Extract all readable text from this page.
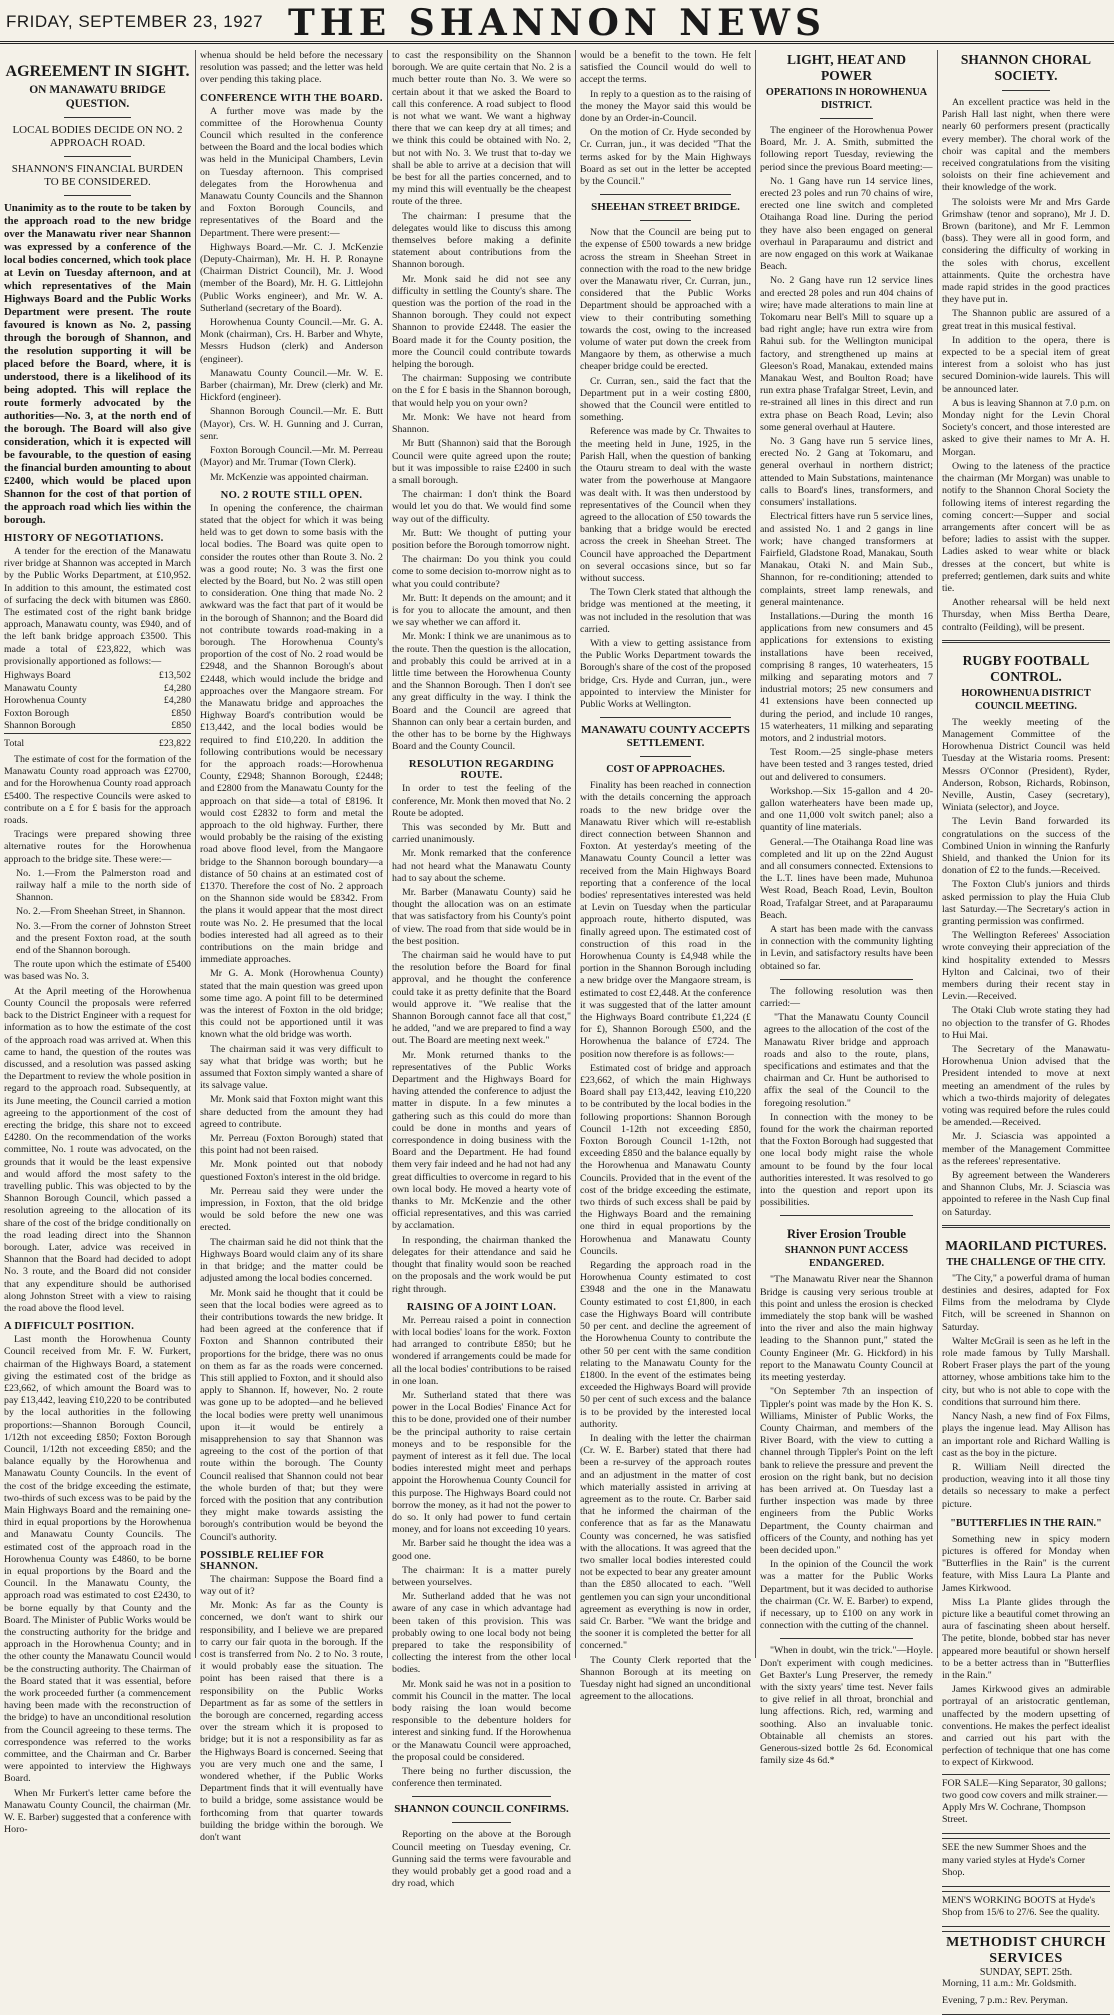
FRIDAY, SEPTEMBER 23, 1927 THE SHANNON NEWS
AGREEMENT IN SIGHT.
ON MANAWATU BRIDGE QUESTION.
LOCAL BODIES DECIDE ON NO. 2 APPROACH ROAD.
SHANNON'S FINANCIAL BURDEN TO BE CONSIDERED.

Unanimity as to the route to be taken by the approach road to the new bridge over the Manawatu river near Shannon was expressed by a conference of the local bodies concerned, which took place at Levin on Tuesday afternoon, and at which representatives of the Main Highways Board and the Public Works Department were present. The route favoured is known as No. 2, passing through the borough of Shannon, and the resolution supporting it will be placed before the Board, where, it is understood, there is a likelihood of its being adopted. This will replace the route formerly advocated by the authorities—No. 3, at the north end of the borough. The Board will also give consideration, which it is expected will be favourable, to the question of easing the financial burden amounting to about £2400, which would be placed upon Shannon for the cost of that portion of the approach road which lies within the borough.

HISTORY OF NEGOTIATIONS.

A tender for the erection of the Manawatu river bridge at Shannon was accepted in March by the Public Works Department, at £10,952. In addition to this amount, the estimated cost of surfacing the deck with bitumen was £860. The estimated cost of the right bank bridge approach, Manawatu county, was £940, and of the left bank bridge approach £3500. This made a total of £23,822, which was provisionally apportioned as follows:—

Highways Board	£13,502
Manawatu County	£4,280
Horowhenua County	£4,280
Foxton Borough	£850
Shannon Borough	£850
Total	£23,822

The estimate of cost for the formation of the Manawatu County road approach was £2700, and for the Horowhenua County road approach £5400. The respective Councils were asked to contribute on a £ for £ basis for the approach roads.

Tracings were prepared showing three alternative routes for the Horowhenua approach to the bridge site. These were:—

No. 1.—From the Palmerston road and railway half a mile to the north side of Shannon.

No. 2.—From Sheehan Street, in Shannon.

No. 3.—From the corner of Johnston Street and the present Foxton road, at the south end of the Shannon borough.

The route upon which the estimate of £5400 was based was No. 3.

At the April meeting of the Horowhenua County Council the proposals were referred back to the District Engineer with a request for information as to how the estimate of the cost of the approach road was arrived at. When this came to hand, the question of the routes was discussed, and a resolution was passed asking the Department to review the whole position in regard to the approach road. Subsequently, at its June meeting, the Council carried a motion agreeing to the apportionment of the cost of erecting the bridge, this share not to exceed £4280. On the recommendation of the works committee, No. 1 route was advocated, on the grounds that it would be the least expensive and would afford the most safety to the travelling public. This was objected to by the Shannon Borough Council, which passed a resolution agreeing to the allocation of its share of the cost of the bridge conditionally on the road leading direct into the Shannon borough. Later, advice was received in Shannon that the Board had decided to adopt No. 3 route, and the Board did not consider that any expenditure should be authorised along Johnston Street with a view to raising the road above the flood level.

A DIFFICULT POSITION.

Last month the Horowhenua County Council received from Mr. F. W. Furkert, chairman of the Highways Board, a statement giving the estimated cost of the bridge as £23,662, of which amount the Board was to pay £13,442, leaving £10,220 to be contributed by the local authorities in the following proportions:—Shannon Borough Council, 1/12th not exceeding £850; Foxton Borough Council, 1/12th not exceeding £850; and the balance equally by the Horowhenua and Manawatu County Councils. In the event of the cost of the bridge exceeding the estimate, two-thirds of such excess was to be paid by the Main Highways Board and the remaining one-third in equal proportions by the Horowhenua and Manawatu County Councils. The estimated cost of the approach road in the Horowhenua County was £4860, to be borne in equal proportions by the Board and the Council. In the Manawatu County, the approach road was estimated to cost £2430, to be borne equally by that County and the Board. The Minister of Public Works would be the constructing authority for the bridge and approach in the Horowhenua County; and in the other county the Manawatu Council would be the constructing authority. The Chairman of the Board stated that it was essential, before the work proceeded further (a commencement having been made with the reconstruction of the bridge) to have an unconditional resolution from the Council agreeing to these terms. The correspondence was referred to the works committee, and the Chairman and Cr. Barber were appointed to interview the Highways Board.

When Mr Furkert's letter came before the Manawatu County Council, the chairman (Mr. W. E. Barber) suggested that a conference with Horo-

whenua should be held before the necessary resolution was passed; and the letter was held over pending this taking place.

CONFERENCE WITH THE BOARD.

A further move was made by the committee of the Horowhenua County Council which resulted in the conference between the Board and the local bodies which was held in the Municipal Chambers, Levin on Tuesday afternoon. This comprised delegates from the Horowhenua and Manawatu County Councils and the Shannon and Foxton Borough Councils, and representatives of the Board and the Department. There were present:—

Highways Board.—Mr. C. J. McKenzie (Deputy-Chairman), Mr. H. H. P. Ronayne (Chairman District Council), Mr. J. Wood (member of the Board), Mr. H. G. Littlejohn (Public Works engineer), and Mr. W. A. Sutherland (secretary of the Board).

Horowhenua County Council.—Mr. G. A. Monk (chairman), Crs. H. Barber and Whyte, Messrs Hudson (clerk) and Anderson (engineer).

Manawatu County Council.—Mr. W. E. Barber (chairman), Mr. Drew (clerk) and Mr. Hickford (engineer).

Shannon Borough Council.—Mr. E. Butt (Mayor), Crs. W. H. Gunning and J. Curran, senr.

Foxton Borough Council.—Mr. M. Perreau (Mayor) and Mr. Trumar (Town Clerk).

Mr. McKenzie was appointed chairman.

NO. 2 ROUTE STILL OPEN.

In opening the conference, the chairman stated that the object for which it was being held was to get down to some basis with the local bodies. The Board was quite open to consider the routes other than Route 3. No. 2 was a good route; No. 3 was the first one elected by the Board, but No. 2 was still open to consideration. One thing that made No. 2 awkward was the fact that part of it would be in the borough of Shannon; and the Board did not contribute towards road-making in a borough. The Horowhenua County's proportion of the cost of No. 2 road would be £2948, and the Shannon Borough's about £2448, which would include the bridge and approaches over the Mangaore stream. For the Manawatu bridge and approaches the Highway Board's contribution would be £13,442, and the local bodies would be required to find £10,220. In addition the following contributions would be necessary for the approach roads:—Horowhenua County, £2948; Shannon Borough, £2448; and £2800 from the Manawatu County for the approach on that side—a total of £8196. It would cost £2832 to form and metal the approach to the old highway. Further, there would probably be the raising of the existing road above flood level, from the Mangaore bridge to the Shannon borough boundary—a distance of 50 chains at an estimated cost of £1370. Therefore the cost of No. 2 approach on the Shannon side would be £8342. From the plans it would appear that the most direct route was No. 2. He presumed that the local bodies interested had all agreed as to their contributions on the main bridge and immediate approaches.

Mr G. A. Monk (Horowhenua County) stated that the main question was greed upon some time ago. A point fill to be determined was the interest of Foxton in the old bridge; this could not be apportioned until it was known what the old bridge was worth.

The chairman said it was very difficult to say what that bridge was worth; but he assumed that Foxton simply wanted a share of its salvage value.

Mr. Monk said that Foxton might want this share deducted from the amount they had agreed to contribute.

Mr. Perreau (Foxton Borough) stated that this point had not been raised.

Mr. Monk pointed out that nobody questioned Foxton's interest in the old bridge.

Mr. Perreau said they were under the impression, in Foxton, that the old bridge would be sold before the new one was erected.

The chairman said he did not think that the Highways Board would claim any of its share in that bridge; and the matter could be adjusted among the local bodies concerned.

Mr. Monk said he thought that it could be seen that the local bodies were agreed as to their contributions towards the new bridge. It had been agreed at the conference that if Foxton and Shannon contributed their proportions for the bridge, there was no onus on them as far as the roads were concerned. This still applied to Foxton, and it should also apply to Shannon. If, however, No. 2 route was gone up to be adopted—and he believed the local bodies were pretty well unanimous upon it—it would be entirely a misapprehension to say that Shannon was agreeing to the cost of the portion of that route within the borough. The County Council realised that Shannon could not bear the whole burden of that; but they were forced with the position that any contribution they might make towards assisting the borough's contribution would be beyond the Council's authority.

POSSIBLE RELIEF FOR SHANNON.

The chairman: Suppose the Board find a way out of it?

Mr. Monk: As far as the County is concerned, we don't want to shirk our responsibility, and I believe we are prepared to carry our fair quota in the borough. If the cost is transferred from No. 2 to No. 3 route, it would probably ease the situation. The point has been raised that there is a responsibility on the Public Works Department as far as some of the settlers in the borough are concerned, regarding access over the stream which it is proposed to bridge; but it is not a responsibility as far as the Highways Board is concerned. Seeing that you are very much one and the same, I wondered whether, if the Public Works Department finds that it will eventually have to build a bridge, some assistance would be forthcoming from that quarter towards building the bridge within the borough. We don't want

to cast the responsibility on the Shannon borough. We are quite certain that No. 2 is a much better route than No. 3. We were so certain about it that we asked the Board to call this conference. A road subject to flood is not what we want. We want a highway there that we can keep dry at all times; and we think this could be obtained with No. 2, but not with No. 3. We trust that to-day we shall be able to arrive at a decision that will be best for all the parties concerned, and to my mind this will eventually be the cheapest route of the three.

The chairman: I presume that the delegates would like to discuss this among themselves before making a definite statement about contributions from the Shannon borough.

Mr. Monk said he did not see any difficulty in settling the County's share. The question was the portion of the road in the Shannon borough. They could not expect Shannon to provide £2448. The easier the Board made it for the County position, the more the Council could contribute towards helping the borough.

The chairman: Supposing we contribute on the £ for £ basis in the Shannon borough, that would help you on your own?

Mr. Monk: We have not heard from Shannon.

Mr Butt (Shannon) said that the Borough Council were quite agreed upon the route; but it was impossible to raise £2400 in such a small borough.

The chairman: I don't think the Board would let you do that. We would find some way out of the difficulty.

Mr. Butt: We thought of putting your position before the Borough tomorrow night.

The chairman: Do you think you could come to some decision to-morrow night as to what you could contribute?

Mr. Butt: It depends on the amount; and it is for you to allocate the amount, and then we say whether we can afford it.

Mr. Monk: I think we are unanimous as to the route. Then the question is the allocation, and probably this could be arrived at in a little time between the Horowhenua County and the Shannon Borough. Then I don't see any great difficulty in the way. I think the Board and the Council are agreed that Shannon can only bear a certain burden, and the other has to be borne by the Highways Board and the County Council.

RESOLUTION REGARDING ROUTE.

In order to test the feeling of the conference, Mr. Monk then moved that No. 2 Route be adopted.

This was seconded by Mr. Butt and carried unanimously.

Mr. Monk remarked that the conference had not heard what the Manawatu County had to say about the scheme.

Mr. Barber (Manawatu County) said he thought the allocation was on an estimate that was satisfactory from his County's point of view. The road from that side would be in the best position.

The chairman said he would have to put the resolution before the Board for final approval, and he thought the conference could take it as pretty definite that the Board would approve it. "We realise that the Shannon Borough cannot face all that cost," he added, "and we are prepared to find a way out. The Board are meeting next week."

Mr. Monk returned thanks to the representatives of the Public Works Department and the Highways Board for having attended the conference to adjust the matter in dispute. In a few minutes a gathering such as this could do more than could be done in months and years of correspondence in doing business with the Board and the Department. He had found them very fair indeed and he had not had any great difficulties to overcome in regard to his own local body. He moved a hearty vote of thanks to Mr. McKenzie and the other official representatives, and this was carried by acclamation.

In responding, the chairman thanked the delegates for their attendance and said he thought that finality would soon be reached on the proposals and the work would be put right through.

RAISING OF A JOINT LOAN.

Mr. Perreau raised a point in connection with local bodies' loans for the work. Foxton had arranged to contribute £850; but he wondered if arrangements could be made for all the local bodies' contributions to be raised in one loan.

Mr. Sutherland stated that there was power in the Local Bodies' Finance Act for this to be done, provided one of their number be the principal authority to raise certain moneys and to be responsible for the payment of interest as it fell due. The local bodies interested might meet and perhaps appoint the Horowhenua County Council for this purpose. The Highways Board could not borrow the money, as it had not the power to do so. It only had power to fund certain money, and for loans not exceeding 10 years.

Mr. Barber said he thought the idea was a good one.

The chairman: It is a matter purely between yourselves.

Mr. Sutherland added that he was not aware of any case in which advantage had been taken of this provision. This was probably owing to one local body not being prepared to take the responsibility of collecting the interest from the other local bodies.

Mr. Monk said he was not in a position to commit his Council in the matter. The local body raising the loan would become responsible to the debenture holders for interest and sinking fund. If the Horowhenua or the Manawatu Council were approached, the proposal could be considered.

There being no further discussion, the conference then terminated.

SHANNON COUNCIL CONFIRMS.

Reporting on the above at the Borough Council meeting on Tuesday evening, Cr. Gunning said the terms were favourable and they would probably get a good road and a dry road, which

would be a benefit to the town. He felt satisfied the Council would do well to accept the terms.

In reply to a question as to the raising of the money the Mayor said this would be done by an Order-in-Council.

On the motion of Cr. Hyde seconded by Cr. Curran, jun., it was decided "That the terms asked for by the Main Highways Board as set out in the letter be accepted by the Council."

SHEEHAN STREET BRIDGE.

Now that the Council are being put to the expense of £500 towards a new bridge across the stream in Sheehan Street in connection with the road to the new bridge over the Manawatu river, Cr. Curran, jun., considered that the Public Works Department should be approached with a view to their contributing something towards the cost, owing to the increased volume of water put down the creek from Mangaore by them, as otherwise a much cheaper bridge could be erected.

Cr. Curran, sen., said the fact that the Department put in a weir costing £800, showed that the Council were entitled to something.

Reference was made by Cr. Thwaites to the meeting held in June, 1925, in the Parish Hall, when the question of banking the Otauru stream to deal with the waste water from the powerhouse at Mangaore was dealt with. It was then understood by representatives of the Council when they agreed to the allocation of £50 towards the banking that a bridge would be erected across the creek in Sheehan Street. The Council have approached the Department on several occasions since, but so far without success.

The Town Clerk stated that although the bridge was mentioned at the meeting, it was not included in the resolution that was carried.

With a view to getting assistance from the Public Works Department towards the Borough's share of the cost of the proposed bridge, Crs. Hyde and Curran, jun., were appointed to interview the Minister for Public Works at Wellington.

MANAWATU COUNTY ACCEPTS SETTLEMENT.
COST OF APPROACHES.

Finality has been reached in connection with the details concerning the approach roads to the new bridge over the Manawatu River which will re-establish direct connection between Shannon and Foxton. At yesterday's meeting of the Manawatu County Council a letter was received from the Main Highways Board reporting that a conference of the local bodies' representatives interested was held at Levin on Tuesday when the particular approach route, hitherto disputed, was finally agreed upon. The estimated cost of construction of this road in the Horowhenua County is £4,948 while the portion in the Shannon Borough including a new bridge over the Mangaore stream, is estimated to cost £2,448. At the conference it was suggested that of the latter amount the Highways Board contribute £1,224 (£ for £), Shannon Borough £500, and the Horowhenua the balance of £724. The position now therefore is as follows:—

Estimated cost of bridge and approach £23,662, of which the main Highways Board shall pay £13,442, leaving £10,220 to be contributed by the local bodies in the following proportions: Shannon Borough Council 1-12th not exceeding £850, Foxton Borough Council 1-12th, not exceeding £850 and the balance equally by the Horowhenua and Manawatu County Councils. Provided that in the event of the cost of the bridge exceeding the estimate, two thirds of such excess shall be paid by the Highways Board and the remaining one third in equal proportions by the Horowhenua and Manawatu County Councils.

Regarding the approach road in the Horowhenua County estimated to cost £3948 and the one in the Manawatu County estimated to cost £1,800, in each case the Highways Board will contribute 50 per cent. and decline the agreement of the Horowhenua County to contribute the other 50 per cent with the same condition relating to the Manawatu County for the £1800. In the event of the estimates being exceeded the Highways Board will provide 50 per cent of such excess and the balance is to be provided by the interested local authority.

In dealing with the letter the chairman (Cr. W. E. Barber) stated that there had been a re-survey of the approach routes and an adjustment in the matter of cost which materially assisted in arriving at agreement as to the route. Cr. Barber said that he informed the chairman of the conference that as far as the Manawatu County was concerned, he was satisfied with the allocations. It was agreed that the two smaller local bodies interested could not be expected to bear any greater amount than the £850 allocated to each. "Well gentlemen you can sign your unconditional agreement as everything is now in order, said Cr. Barber. "We want the bridge and the sooner it is completed the better for all concerned."

The County Clerk reported that the Shannon Borough at its meeting on Tuesday night had signed an unconditional agreement to the allocations.

LIGHT, HEAT AND POWER
OPERATIONS IN HOROWHENUA DISTRICT.

The engineer of the Horowhenua Power Board, Mr. J. A. Smith, submitted the following report Tuesday, reviewing the period since the previous Board meeting:—

No. 1 Gang have run 14 service lines, erected 23 poles and run 70 chains of wire, erected one line switch and completed Otaihanga Road line. During the period they have also been engaged on general overhaul in Paraparaumu and district and are now engaged on this work at Waikanae Beach.

No. 2 Gang have run 12 service lines and erected 28 poles and run 404 chains of wire; have made alterations to main line at Tokomaru near Bell's Mill to square up a bad right angle; have run extra wire from Rahui sub. for the Wellington municipal factory, and strengthened up mains at Gleeson's Road, Manakau, extended mains Manakau West, and Boulton Road; have run extra phase Trafalgar Street, Levin, and re-strained all lines in this direct and run extra phase on Beach Road, Levin; also some general overhaul at Hautere.

No. 3 Gang have run 5 service lines, erected No. 2 Gang at Tokomaru, and general overhaul in northern district; attended to Main Substations, maintenance calls to Board's lines, transformers, and consumers' installations.

Electrical fitters have run 5 service lines, and assisted No. 1 and 2 gangs in line work; have changed transformers at Fairfield, Gladstone Road, Manakau, South Manakau, Otaki N. and Main Sub., Shannon, for re-conditioning; attended to complaints, street lamp renewals, and general maintenance.

Installations.—During the month 16 applications from new consumers and 45 applications for extensions to existing installations have been received, comprising 8 ranges, 10 waterheaters, 15 milking and separating motors and 7 industrial motors; 25 new consumers and 41 extensions have been connected up during the period, and include 10 ranges, 15 waterheaters, 11 milking and separating motors, and 2 industrial motors.

Test Room.—25 single-phase meters have been tested and 3 ranges tested, dried out and delivered to consumers.

Workshop.—Six 15-gallon and 4 20-gallon waterheaters have been made up, and one 11,000 volt switch panel; also a quantity of line materials.

General.—The Otaihanga Road line was completed and lit up on the 22nd August and all consumers connected. Extensions to the L.T. lines have been made, Muhunoa West Road, Beach Road, Levin, Boulton Road, Trafalgar Street, and at Paraparaumu Beach.

A start has been made with the canvass in connection with the community lighting in Levin, and satisfactory results have been obtained so far.

The following resolution was then carried:—

"That the Manawatu County Council agrees to the allocation of the cost of the Manawatu River bridge and approach roads and also to the route, plans, specifications and estimates and that the chairman and Cr. Hunt be authorised to affix the seal of the Council to the foregoing resolution."

In connection with the money to be found for the work the chairman reported that the Foxton Borough had suggested that one local body might raise the whole amount to be found by the four local authorities interested. It was resolved to go into the question and report upon its possibilities.

River Erosion Trouble
SHANNON PUNT ACCESS ENDANGERED.

"The Manawatu River near the Shannon Bridge is causing very serious trouble at this point and unless the erosion is checked immediately the stop bank will be washed into the river and also the main highway leading to the Shannon punt," stated the County Engineer (Mr. G. Hickford) in his report to the Manawatu County Council at its meeting yesterday.

"On September 7th an inspection of Tippler's point was made by the Hon K. S. Williams, Minister of Public Works, the County Chairman, and members of the River Board, with the view to cutting a channel through Tippler's Point on the left bank to relieve the pressure and prevent the erosion on the right bank, but no decision has been arrived at. On Tuesday last a further inspection was made by three engineers from the Public Works Department, the County chairman and officers of the County, and nothing has yet been decided upon."

In the opinion of the Council the work was a matter for the Public Works Department, but it was decided to authorise the chairman (Cr. W. E. Barber) to expend, if necessary, up to £100 on any work in connection with the cutting of the channel.

"When in doubt, win the trick."—Hoyle. Don't experiment with cough medicines. Get Baxter's Lung Preserver, the remedy with the sixty years' time test. Never fails to give relief in all throat, bronchial and lung affections. Rich, red, warming and soothing. Also an invaluable tonic. Obtainable all chemists an stores. Generous-sized bottle 2s 6d. Economical family size 4s 6d.*

SHANNON CHORAL SOCIETY.

An excellent practice was held in the Parish Hall last night, when there were nearly 60 performers present (practically every member). The choral work of the choir was capital and the members received congratulations from the visiting soloists on their fine achievement and their knowledge of the work.

The soloists were Mr and Mrs Garde Grimshaw (tenor and soprano), Mr J. D. Brown (baritone), and Mr F. Lemmon (bass). They were all in good form, and considering the difficulty of working in the soles with chorus, excellent attainments. Quite the orchestra have made rapid strides in the good practices they have put in.

The Shannon public are assured of a great treat in this musical festival.

In addition to the opera, there is expected to be a special item of great interest from a soloist who has just secured Dominion-wide laurels. This will be announced later.

A bus is leaving Shannon at 7.0 p.m. on Monday night for the Levin Choral Society's concert, and those interested are asked to give their names to Mr A. H. Morgan.

Owing to the lateness of the practice the chairman (Mr Morgan) was unable to notify to the Shannon Choral Society the following items of interest regarding the coming concert:—Supper and social arrangements after concert will be as before; ladies to assist with the supper. Ladies asked to wear white or black dresses at the concert, but white is preferred; gentlemen, dark suits and white tie.

Another rehearsal will be held next Thursday, when Miss Bertha Deare, contralto (Feilding), will be present.

RUGBY FOOTBALL CONTROL.
HOROWHENUA DISTRICT COUNCIL MEETING.

The weekly meeting of the Management Committee of the Horowhenua District Council was held Tuesday at the Wistaria rooms. Present: Messrs O'Connor (President), Ryder, Anderson, Robson, Richards, Robinson, Neville, Austin, Casey (secretary), Winiata (selector), and Joyce.

The Levin Band forwarded its congratulations on the success of the Combined Union in winning the Ranfurly Shield, and thanked the Union for its donation of £2 to the funds.—Received.

The Foxton Club's juniors and thirds asked permission to play the Huia Club last Saturday.—The Secretary's action in granting permission was confirmed.

The Wellington Referees' Association wrote conveying their appreciation of the kind hospitality extended to Messrs Hylton and Calcinai, two of their members during their recent stay in Levin.—Received.

The Otaki Club wrote stating they had no objection to the transfer of G. Rhodes to Hui Mai.

The Secretary of the Manawatu-Horowhenua Union advised that the President intended to move at next meeting an amendment of the rules by which a two-thirds majority of delegates voting was required before the rules could be amended.—Received.

Mr. J. Sciascia was appointed a member of the Management Committee as the referees' representative.

By agreement between the Wanderers and Shannon Clubs, Mr. J. Sciascia was appointed to referee in the Nash Cup final on Saturday.

MAORILAND PICTURES.
THE CHALLENGE OF THE CITY.

"The City," a powerful drama of human destinies and desires, adapted for Fox Films from the melodrama by Clyde Fitch, will be screened in Shannon on Saturday.

Walter McGrail is seen as he left in the role made famous by Tully Marshall. Robert Fraser plays the part of the young attorney, whose ambitions take him to the city, but who is not able to cope with the conditions that surround him there.

Nancy Nash, a new find of Fox Films, plays the ingenue lead. May Allison has an important role and Richard Walling is cast as the boy in the picture.

R. William Neill directed the production, weaving into it all those tiny details so necessary to make a perfect picture.

"BUTTERFLIES IN THE RAIN."

Something new in spicy modern pictures is offered for Monday when "Butterflies in the Rain" is the current feature, with Miss Laura La Plante and James Kirkwood.

Miss La Plante glides through the picture like a beautiful comet throwing an aura of fascinating sheen about herself. The petite, blonde, bobbed star has never appeared more beautiful or shown herself to be a better actress than in "Butterflies in the Rain."

James Kirkwood gives an admirable portrayal of an aristocratic gentleman, unaffected by the modern upsetting of conventions. He makes the perfect idealist and carried out his part with the perfection of technique that one has come to expect of Kirkwood.

FOR SALE—King Separator, 30 gallons; two good cow covers and milk strainer.—Apply Mrs W. Cochrane, Thompson Street.
SEE the new Summer Shoes and the many varied styles at Hyde's Corner Shop.
MEN'S WORKING BOOTS at Hyde's Shop from 15/6 to 27/6. See the quality.
METHODIST CHURCH SERVICES
SUNDAY, SEPT. 25th.
Morning, 11 a.m.: Mr. Goldsmith.
Evening, 7 p.m.: Rev. Peryman.
